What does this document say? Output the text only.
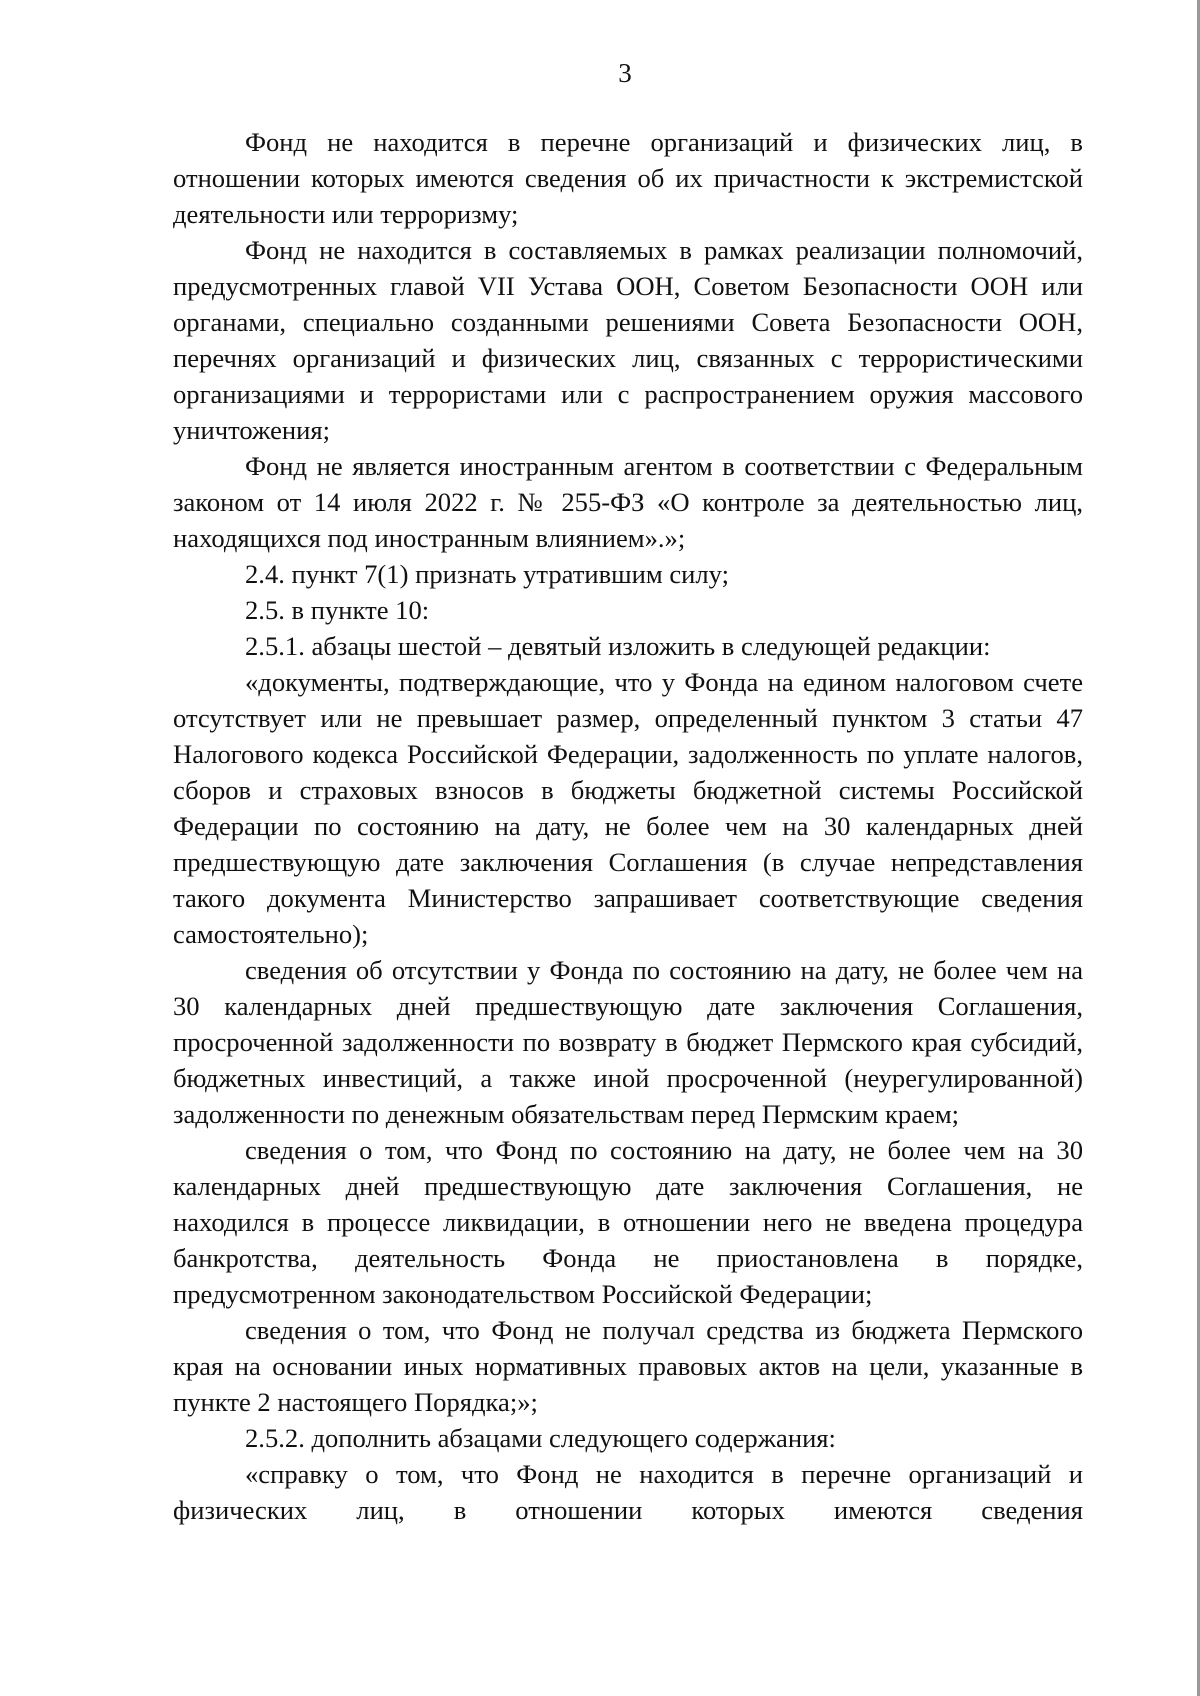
3

Фонд не находится в перечне организаций и физических лиц, в отношении которых имеются сведения об их причастности к экстремистской деятельности или терроризму;

Фонд не находится в составляемых в рамках реализации полномочий, предусмотренных главой VII Устава ООН, Советом Безопасности ООН или органами, специально созданными решениями Совета Безопасности ООН, перечнях организаций и физических лиц, связанных с террористическими организациями и террористами или с распространением оружия массового уничтожения;

Фонд не является иностранным агентом в соответствии с Федеральным законом от 14 июля 2022 г. № 255-ФЗ «О контроле за деятельностью лиц, находящихся под иностранным влиянием».»;

2.4. пункт 7(1) признать утратившим силу;

2.5. в пункте 10:

2.5.1. абзацы шестой – девятый изложить в следующей редакции:

«документы, подтверждающие, что у Фонда на едином налоговом счете отсутствует или не превышает размер, определенный пунктом 3 статьи 47 Налогового кодекса Российской Федерации, задолженность по уплате налогов, сборов и страховых взносов в бюджеты бюджетной системы Российской Федерации по состоянию на дату, не более чем на 30 календарных дней предшествующую дате заключения Соглашения (в случае непредставления такого документа Министерство запрашивает соответствующие сведения самостоятельно);

сведения об отсутствии у Фонда по состоянию на дату, не более чем на 30 календарных дней предшествующую дате заключения Соглашения, просроченной задолженности по возврату в бюджет Пермского края субсидий, бюджетных инвестиций, а также иной просроченной (неурегулированной) задолженности по денежным обязательствам перед Пермским краем;

сведения о том, что Фонд по состоянию на дату, не более чем на 30 календарных дней предшествующую дате заключения Соглашения, не находился в процессе ликвидации, в отношении него не введена процедура банкротства, деятельность Фонда не приостановлена в порядке, предусмотренном законодательством Российской Федерации;

сведения о том, что Фонд не получал средства из бюджета Пермского края на основании иных нормативных правовых актов на цели, указанные в пункте 2 настоящего Порядка;»;

2.5.2. дополнить абзацами следующего содержания:

«справку о том, что Фонд не находится в перечне организаций и физических лиц, в отношении которых имеются сведения
